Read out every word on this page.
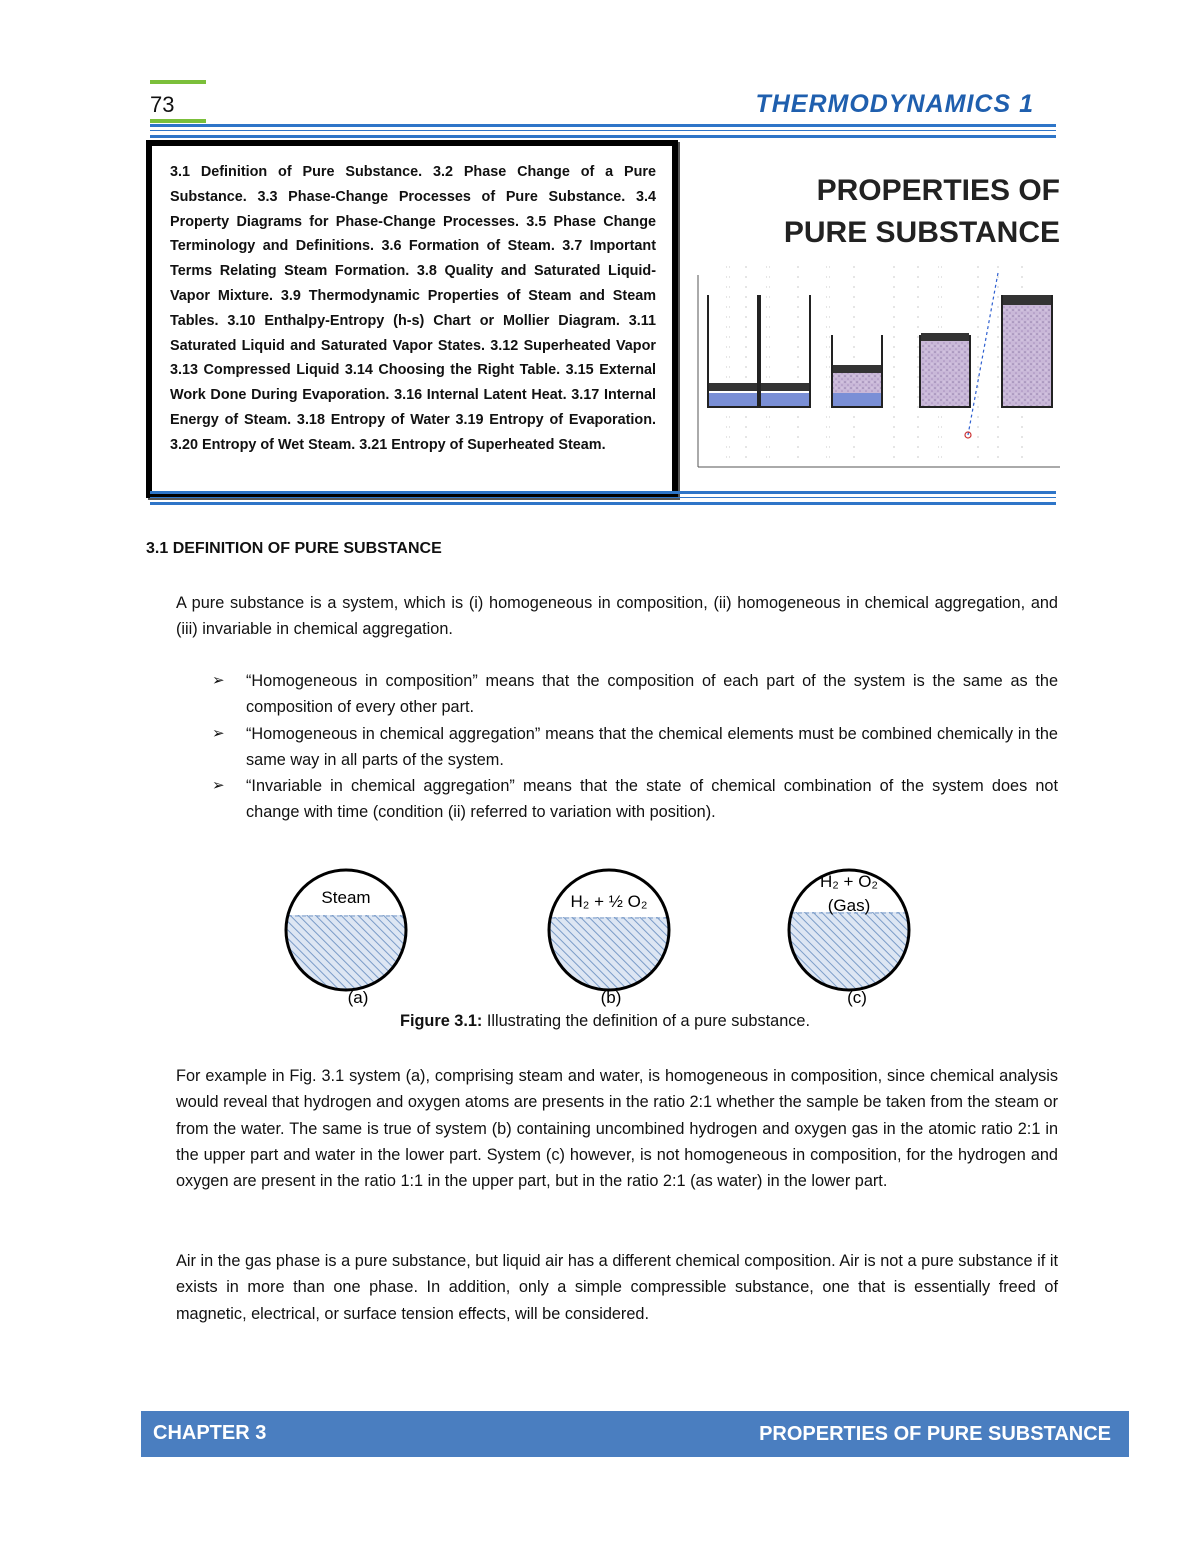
73	THERMODYNAMICS 1
3.1 Definition of Pure Substance. 3.2 Phase Change of a Pure Substance. 3.3 Phase-Change Processes of Pure Substance. 3.4 Property Diagrams for Phase-Change Processes. 3.5 Phase Change Terminology and Definitions. 3.6 Formation of Steam. 3.7 Important Terms Relating Steam Formation. 3.8 Quality and Saturated Liquid-Vapor Mixture. 3.9 Thermodynamic Properties of Steam and Steam Tables. 3.10 Enthalpy-Entropy (h-s) Chart or Mollier Diagram. 3.11 Saturated Liquid and Saturated Vapor States. 3.12 Superheated Vapor 3.13 Compressed Liquid 3.14 Choosing the Right Table. 3.15 External Work Done During Evaporation. 3.16 Internal Latent Heat. 3.17 Internal Energy of Steam. 3.18 Entropy of Water 3.19 Entropy of Evaporation. 3.20 Entropy of Wet Steam. 3.21 Entropy of Superheated Steam.
PROPERTIES OF
PURE SUBSTANCE
3.1 DEFINITION OF PURE SUBSTANCE
A pure substance is a system, which is (i) homogeneous in composition, (ii) homogeneous in chemical aggregation, and (iii) invariable in chemical aggregation.
➢ “Homogeneous in composition” means that the composition of each part of the system is the same as the composition of every other part.
➢ “Homogeneous in chemical aggregation” means that the chemical elements must be combined chemically in the same way in all parts of the system.
➢ “Invariable in chemical aggregation” means that the state of chemical combination of the system does not change with time (condition (ii) referred to variation with position).
Steam	H₂ + ½ O₂
H₂ + O₂
(Gas)
(a)	(b)	(c)
Figure 3.1: Illustrating the definition of a pure substance.
For example in Fig. 3.1 system (a), comprising steam and water, is homogeneous in composition, since chemical analysis would reveal that hydrogen and oxygen atoms are presents in the ratio 2:1 whether the sample be taken from the steam or from the water. The same is true of system (b) containing uncombined hydrogen and oxygen gas in the atomic ratio 2:1 in the upper part and water in the lower part. System (c) however, is not homogeneous in composition, for the hydrogen and oxygen are present in the ratio 1:1 in the upper part, but in the ratio 2:1 (as water) in the lower part.
Air in the gas phase is a pure substance, but liquid air has a different chemical composition. Air is not a pure substance if it exists in more than one phase. In addition, only a simple compressible substance, one that is essentially freed of magnetic, electrical, or surface tension effects, will be considered.
CHAPTER 3	PROPERTIES OF PURE SUBSTANCE
